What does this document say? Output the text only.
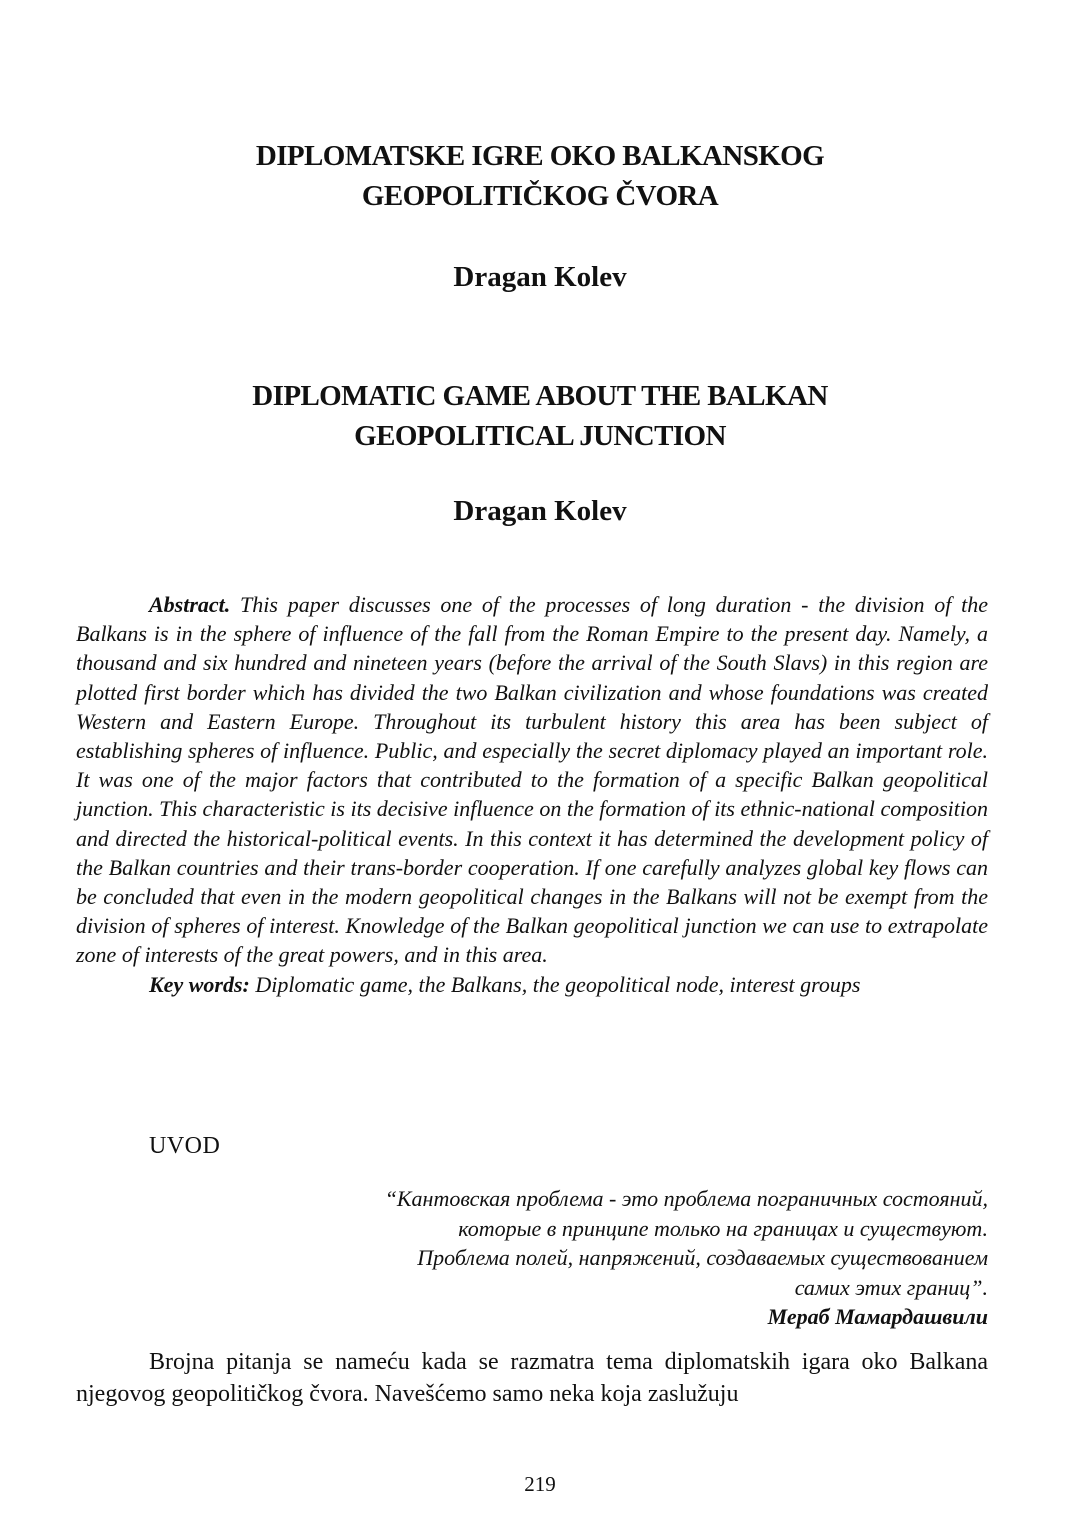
DIPLOMATSKE IGRE OKO BALKANSKOG
GEOPOLITIČKOG ČVORA
Dragan Kolev
DIPLOMATIC GAME ABOUT THE BALKAN
GEOPOLITICAL JUNCTION
Dragan Kolev

Abstract. This paper discusses one of the processes of long duration - the division of the Balkans is in the sphere of influence of the fall from the Roman Empire to the present day. Namely, a thousand and six hundred and nineteen years (before the arrival of the South Slavs) in this region are plotted first border which has divided the two Balkan civilization and whose foundations was created Western and Eastern Europe. Throughout its turbulent history this area has been subject of establishing spheres of influence. Public, and especially the secret diplomacy played an important role. It was one of the major factors that contributed to the formation of a specific Balkan geopolitical junction. This characteristic is its decisive influence on the formation of its ethnic-national composition and directed the historical-political events. In this context it has determined the development policy of the Balkan countries and their trans-border cooperation. If one carefully analyzes global key flows can be concluded that even in the modern geopolitical changes in the Balkans will not be exempt from the division of spheres of interest. Knowledge of the Balkan geopolitical junction we can use to extrapolate zone of interests of the great powers, and in this area.

Key words: Diplomatic game, the Balkans, the geopolitical node, interest groups

UVOD
“Кантовская проблема - это проблема пограничных состояний,
которые в принципе только на границах и существуют.
Проблема полей, напряжений, создаваемых существованием
самих этих границ”.
Мераб Мамардашвили

Brojna pitanja se nameću kada se razmatra tema diplomatskih igara oko Balkana njegovog geopolitičkog čvora. Navešćemo samo neka koja zaslužuju

219
